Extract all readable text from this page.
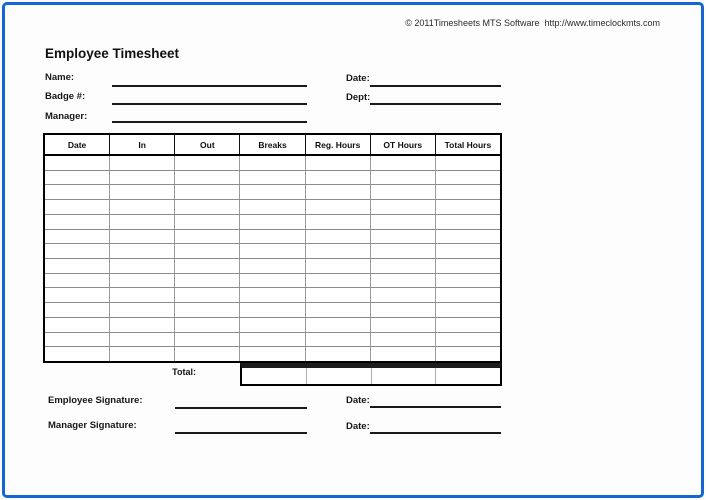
© 2011Timesheets MTS Software  http://www.timeclockmts.com
Employee Timesheet
Name:	Date:
Badge #:	Dept:
Manager:
Date	In	Out	Breaks	Reg. Hours	OT Hours	Total Hours
Total:
Employee Signature:	Date:
Manager Signature:	Date:
